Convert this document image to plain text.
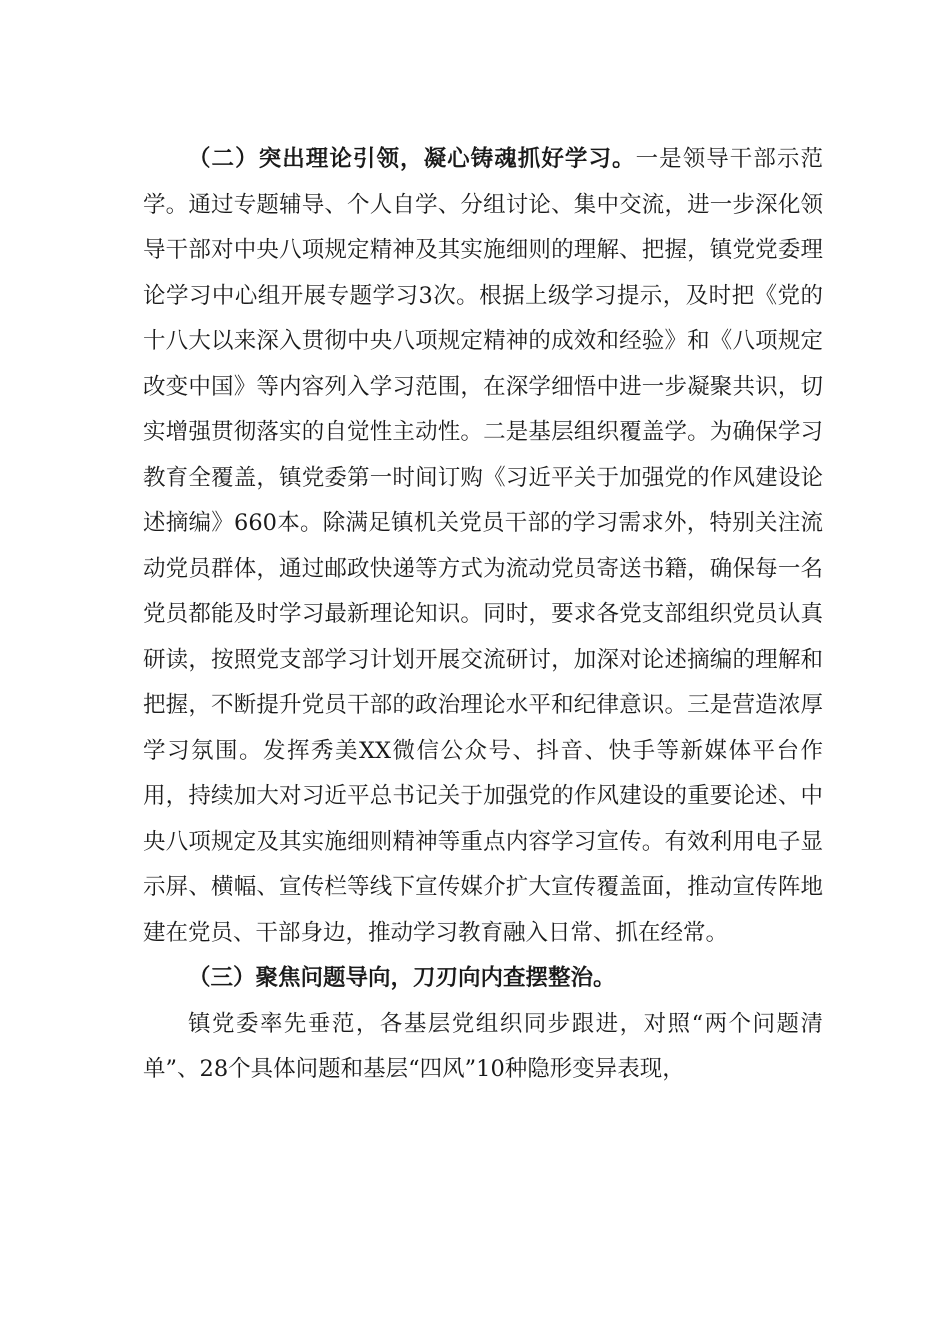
（二）突出理论引领，凝心铸魂抓好学习。一是领导干部示范学。通过专题辅导、个人自学、分组讨论、集中交流，进一步深化领导干部对中央八项规定精神及其实施细则的理解、把握，镇党党委理论学习中心组开展专题学习3次。根据上级学习提示，及时把《党的十八大以来深入贯彻中央八项规定精神的成效和经验》和《八项规定改变中国》等内容列入学习范围，在深学细悟中进一步凝聚共识，切实增强贯彻落实的自觉性主动性。二是基层组织覆盖学。为确保学习教育全覆盖，镇党委第一时间订购《习近平关于加强党的作风建设论述摘编》660本。除满足镇机关党员干部的学习需求外，特别关注流动党员群体，通过邮政快递等方式为流动党员寄送书籍，确保每一名党员都能及时学习最新理论知识。同时，要求各党支部组织党员认真研读，按照党支部学习计划开展交流研讨，加深对论述摘编的理解和把握，不断提升党员干部的政治理论水平和纪律意识。三是营造浓厚学习氛围。发挥秀美XX微信公众号、抖音、快手等新媒体平台作用，持续加大对习近平总书记关于加强党的作风建设的重要论述、中央八项规定及其实施细则精神等重点内容学习宣传。有效利用电子显示屏、横幅、宣传栏等线下宣传媒介扩大宣传覆盖面，推动宣传阵地建在党员、干部身边，推动学习教育融入日常、抓在经常。

（三）聚焦问题导向，刀刃向内查摆整治。

镇党委率先垂范，各基层党组织同步跟进，对照“两个问题清单”、28个具体问题和基层“四风”10种隐形变异表现，
